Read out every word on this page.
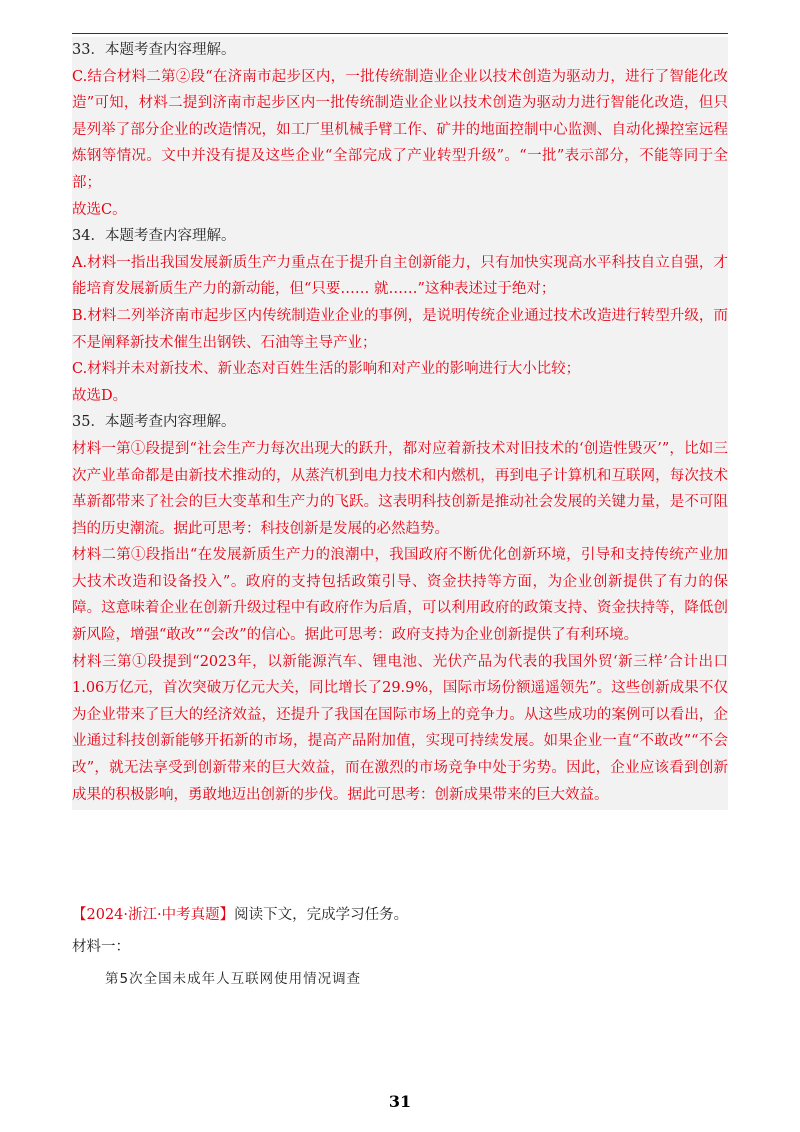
33．本题考查内容理解。

C.结合材料二第②段“在济南市起步区内，一批传统制造业企业以技术创造为驱动力，进行了智能化改造”可知，材料二提到济南市起步区内一批传统制造业企业以技术创造为驱动力进行智能化改造，但只是列举了部分企业的改造情况，如工厂里机械手臂工作、矿井的地面控制中心监测、自动化操控室远程炼钢等情况。文中并没有提及这些企业“全部完成了产业转型升级”。“一批”表示部分，不能等同于全部；

故选C。

34．本题考查内容理解。

A.材料一指出我国发展新质生产力重点在于提升自主创新能力，只有加快实现高水平科技自立自强，才能培育发展新质生产力的新动能，但“只要…… 就……”这种表述过于绝对；

B.材料二列举济南市起步区内传统制造业企业的事例，是说明传统企业通过技术改造进行转型升级，而不是阐释新技术催生出钢铁、石油等主导产业；

C.材料并未对新技术、新业态对百姓生活的影响和对产业的影响进行大小比较；

故选D。

35．本题考查内容理解。

材料一第①段提到“社会生产力每次出现大的跃升，都对应着新技术对旧技术的‘创造性毁灭’”，比如三次产业革命都是由新技术推动的，从蒸汽机到电力技术和内燃机，再到电子计算机和互联网，每次技术革新都带来了社会的巨大变革和生产力的飞跃。这表明科技创新是推动社会发展的关键力量，是不可阻挡的历史潮流。据此可思考：科技创新是发展的必然趋势。

材料二第①段指出“在发展新质生产力的浪潮中，我国政府不断优化创新环境，引导和支持传统产业加大技术改造和设备投入”。政府的支持包括政策引导、资金扶持等方面，为企业创新提供了有力的保障。这意味着企业在创新升级过程中有政府作为后盾，可以利用政府的政策支持、资金扶持等，降低创新风险，增强“敢改”“会改”的信心。据此可思考：政府支持为企业创新提供了有利环境。

材料三第①段提到“2023年，以新能源汽车、锂电池、光伏产品为代表的我国外贸‘新三样’合计出口1.06万亿元，首次突破万亿元大关，同比增长了29.9%，国际市场份额遥遥领先”。这些创新成果不仅为企业带来了巨大的经济效益，还提升了我国在国际市场上的竞争力。从这些成功的案例可以看出，企业通过科技创新能够开拓新的市场，提高产品附加值，实现可持续发展。如果企业一直“不敢改”“不会改”，就无法享受到创新带来的巨大效益，而在激烈的市场竞争中处于劣势。因此，企业应该看到创新成果的积极影响，勇敢地迈出创新的步伐。据此可思考：创新成果带来的巨大效益。

【2024·浙江·中考真题】阅读下文，完成学习任务。
材料一：
第5次全国未成年人互联网使用情况调查
31
